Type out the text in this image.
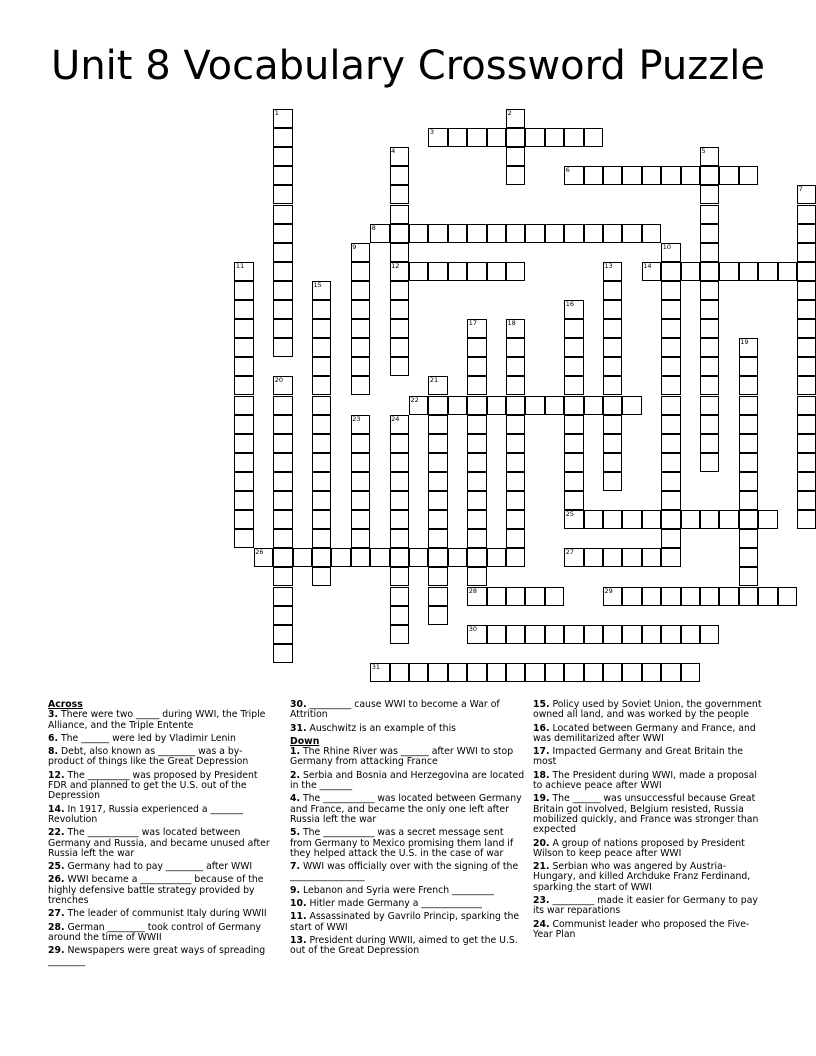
Unit 8 Vocabulary Crossword Puzzle
1	2
3
4	5
6
7
8
9	10
11	12	13	14
15
16
17	18
19
20	21
22
23	24
25
26	27
28	29
30
31

Across

3. There were two _____ during WWI, the Triple Alliance, and the Triple Entente

6. The ______ were led by Vladimir Lenin

8. Debt, also known as ________ was a by-product of things like the Great Depression

12. The _________ was proposed by President FDR and planned to get the U.S. out of the Depression

14. In 1917, Russia experienced a _______ Revolution

22. The ___________ was located between Germany and Russia, and became unused after Russia left the war

25. Germany had to pay ________ after WWI

26. WWI became a ___________ because of the highly defensive battle strategy provided by trenches

27. The leader of communist Italy during WWII

28. German ________ took control of Germany around the time of WWII

29. Newspapers were great ways of spreading ________

30. _________ cause WWI to become a War of Attrition

31. Auschwitz is an example of this

Down

1. The Rhine River was ______ after WWI to stop Germany from attacking France

2. Serbia and Bosnia and Herzegovina are located in the _______

4. The ___________ was located between Germany and France, and became the only one left after Russia left the war

5. The ___________ was a secret message sent from Germany to Mexico promising them land if they helped attack the U.S. in the case of war

7. WWI was officially over with the signing of the ________________

9. Lebanon and Syria were French _________

10. Hitler made Germany a _____________

11. Assassinated by Gavrilo Princip, sparking the start of WWI

13. President during WWII, aimed to get the U.S. out of the Great Depression

15. Policy used by Soviet Union, the government owned all land, and was worked by the people

16. Located between Germany and France, and was demilitarized after WWI

17. Impacted Germany and Great Britain the most

18. The President during WWI, made a proposal to achieve peace after WWI

19. The ______ was unsuccessful because Great Britain got involved, Belgium resisted, Russia mobilized quickly, and France was stronger than expected

20. A group of nations proposed by President Wilson to keep peace after WWI

21. Serbian who was angered by Austria-Hungary, and killed Archduke Franz Ferdinand, sparking the start of WWI

23. _________ made it easier for Germany to pay its war reparations

24. Communist leader who proposed the Five-Year Plan
